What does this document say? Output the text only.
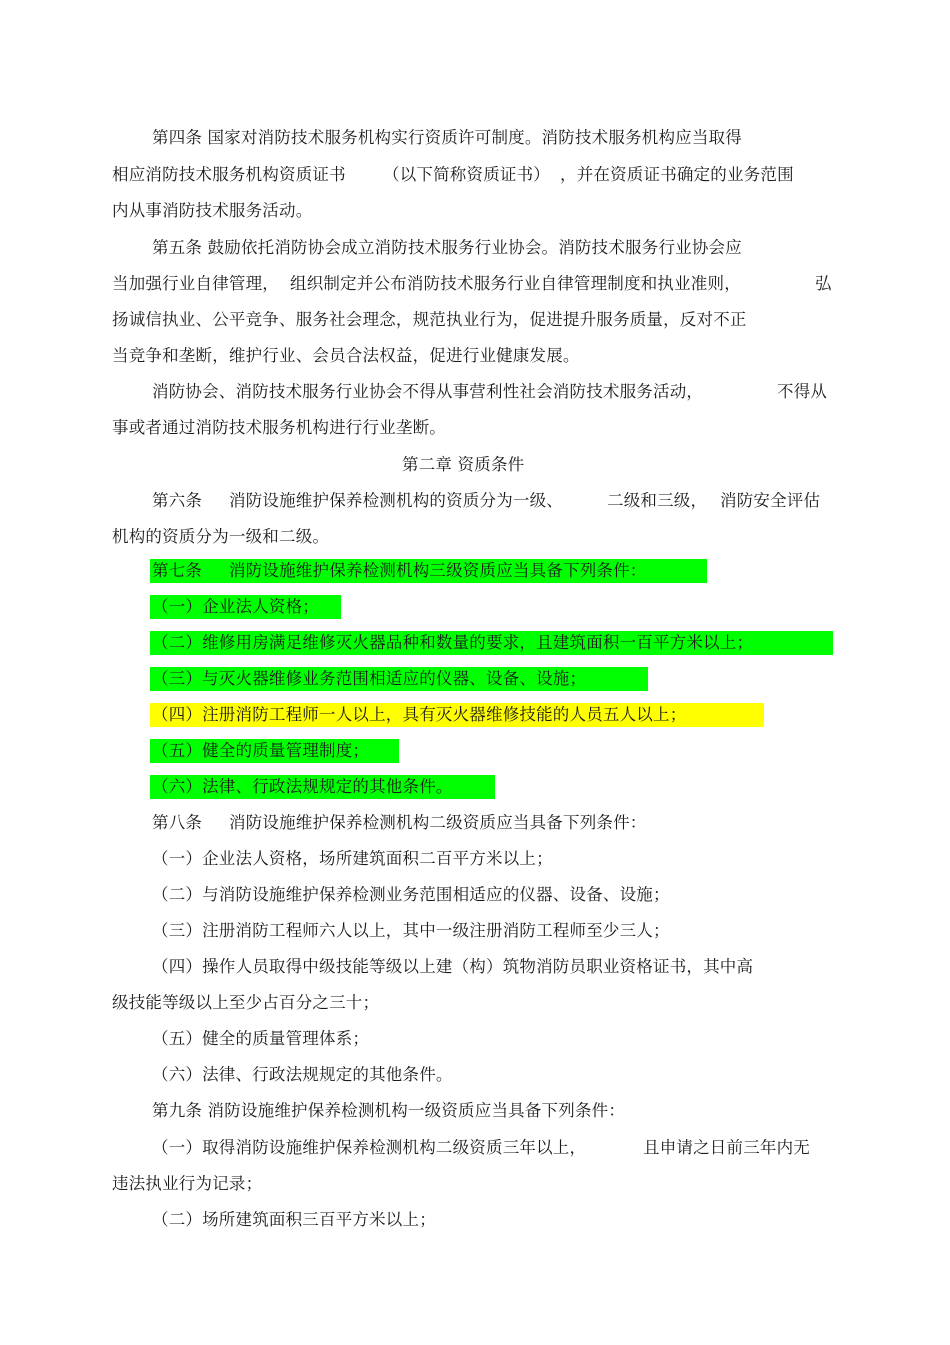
第四条 国家对消防技术服务机构实行资质许可制度。消防技术服务机构应当取得
相应消防技术服务机构资质证书 （以下简称资质证书） ，并在资质证书确定的业务范围
内从事消防技术服务活动。
第五条 鼓励依托消防协会成立消防技术服务行业协会。消防技术服务行业协会应
当加强行业自律管理， 组织制定并公布消防技术服务行业自律管理制度和执业准则，	弘
扬诚信执业、公平竞争、服务社会理念，规范执业行为，促进提升服务质量，反对不正
当竞争和垄断，维护行业、会员合法权益，促进行业健康发展。
消防协会、消防技术服务行业协会不得从事营利性社会消防技术服务活动，	不得从
事或者通过消防技术服务机构进行行业垄断。
第二章 资质条件
第六条 消防设施维护保养检测机构的资质分为一级、	二级和三级， 消防安全评估
机构的资质分为一级和二级。
第七条 消防设施维护保养检测机构三级资质应当具备下列条件：
（一）企业法人资格；
（二）维修用房满足维修灭火器品种和数量的要求，且建筑面积一百平方米以上；
（三）与灭火器维修业务范围相适应的仪器、设备、设施；
（四）注册消防工程师一人以上，具有灭火器维修技能的人员五人以上；
（五）健全的质量管理制度；
（六）法律、行政法规规定的其他条件。
第八条 消防设施维护保养检测机构二级资质应当具备下列条件：
（一）企业法人资格，场所建筑面积二百平方米以上；
（二）与消防设施维护保养检测业务范围相适应的仪器、设备、设施；
（三）注册消防工程师六人以上，其中一级注册消防工程师至少三人；
（四）操作人员取得中级技能等级以上建（构）筑物消防员职业资格证书，其中高
级技能等级以上至少占百分之三十；
（五）健全的质量管理体系；
（六）法律、行政法规规定的其他条件。
第九条 消防设施维护保养检测机构一级资质应当具备下列条件：
（一）取得消防设施维护保养检测机构二级资质三年以上，	且申请之日前三年内无
违法执业行为记录；
（二）场所建筑面积三百平方米以上；
